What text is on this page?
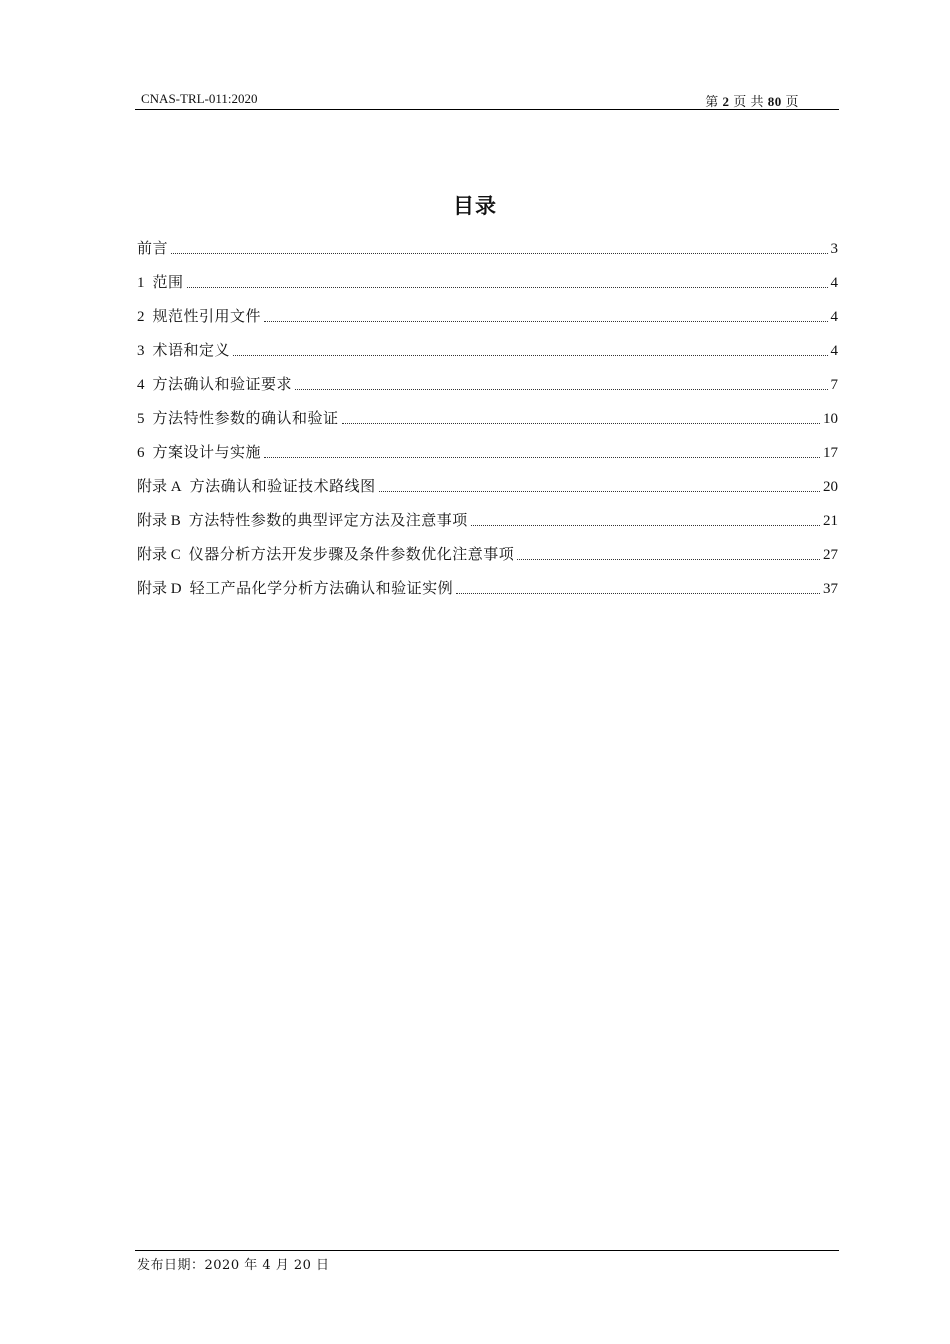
CNAS-TRL-011:2020	第 2 页 共 80 页
目录
前言	3
1 范围	4
2 规范性引用文件	4
3 术语和定义	4
4 方法确认和验证要求	7
5 方法特性参数的确认和验证	10
6 方案设计与实施	17
附录 A 方法确认和验证技术路线图	20
附录 B 方法特性参数的典型评定方法及注意事项	21
附录 C 仪器分析方法开发步骤及条件参数优化注意事项	27
附录 D 轻工产品化学分析方法确认和验证实例	37
发布日期：2020 年 4 月 20 日
